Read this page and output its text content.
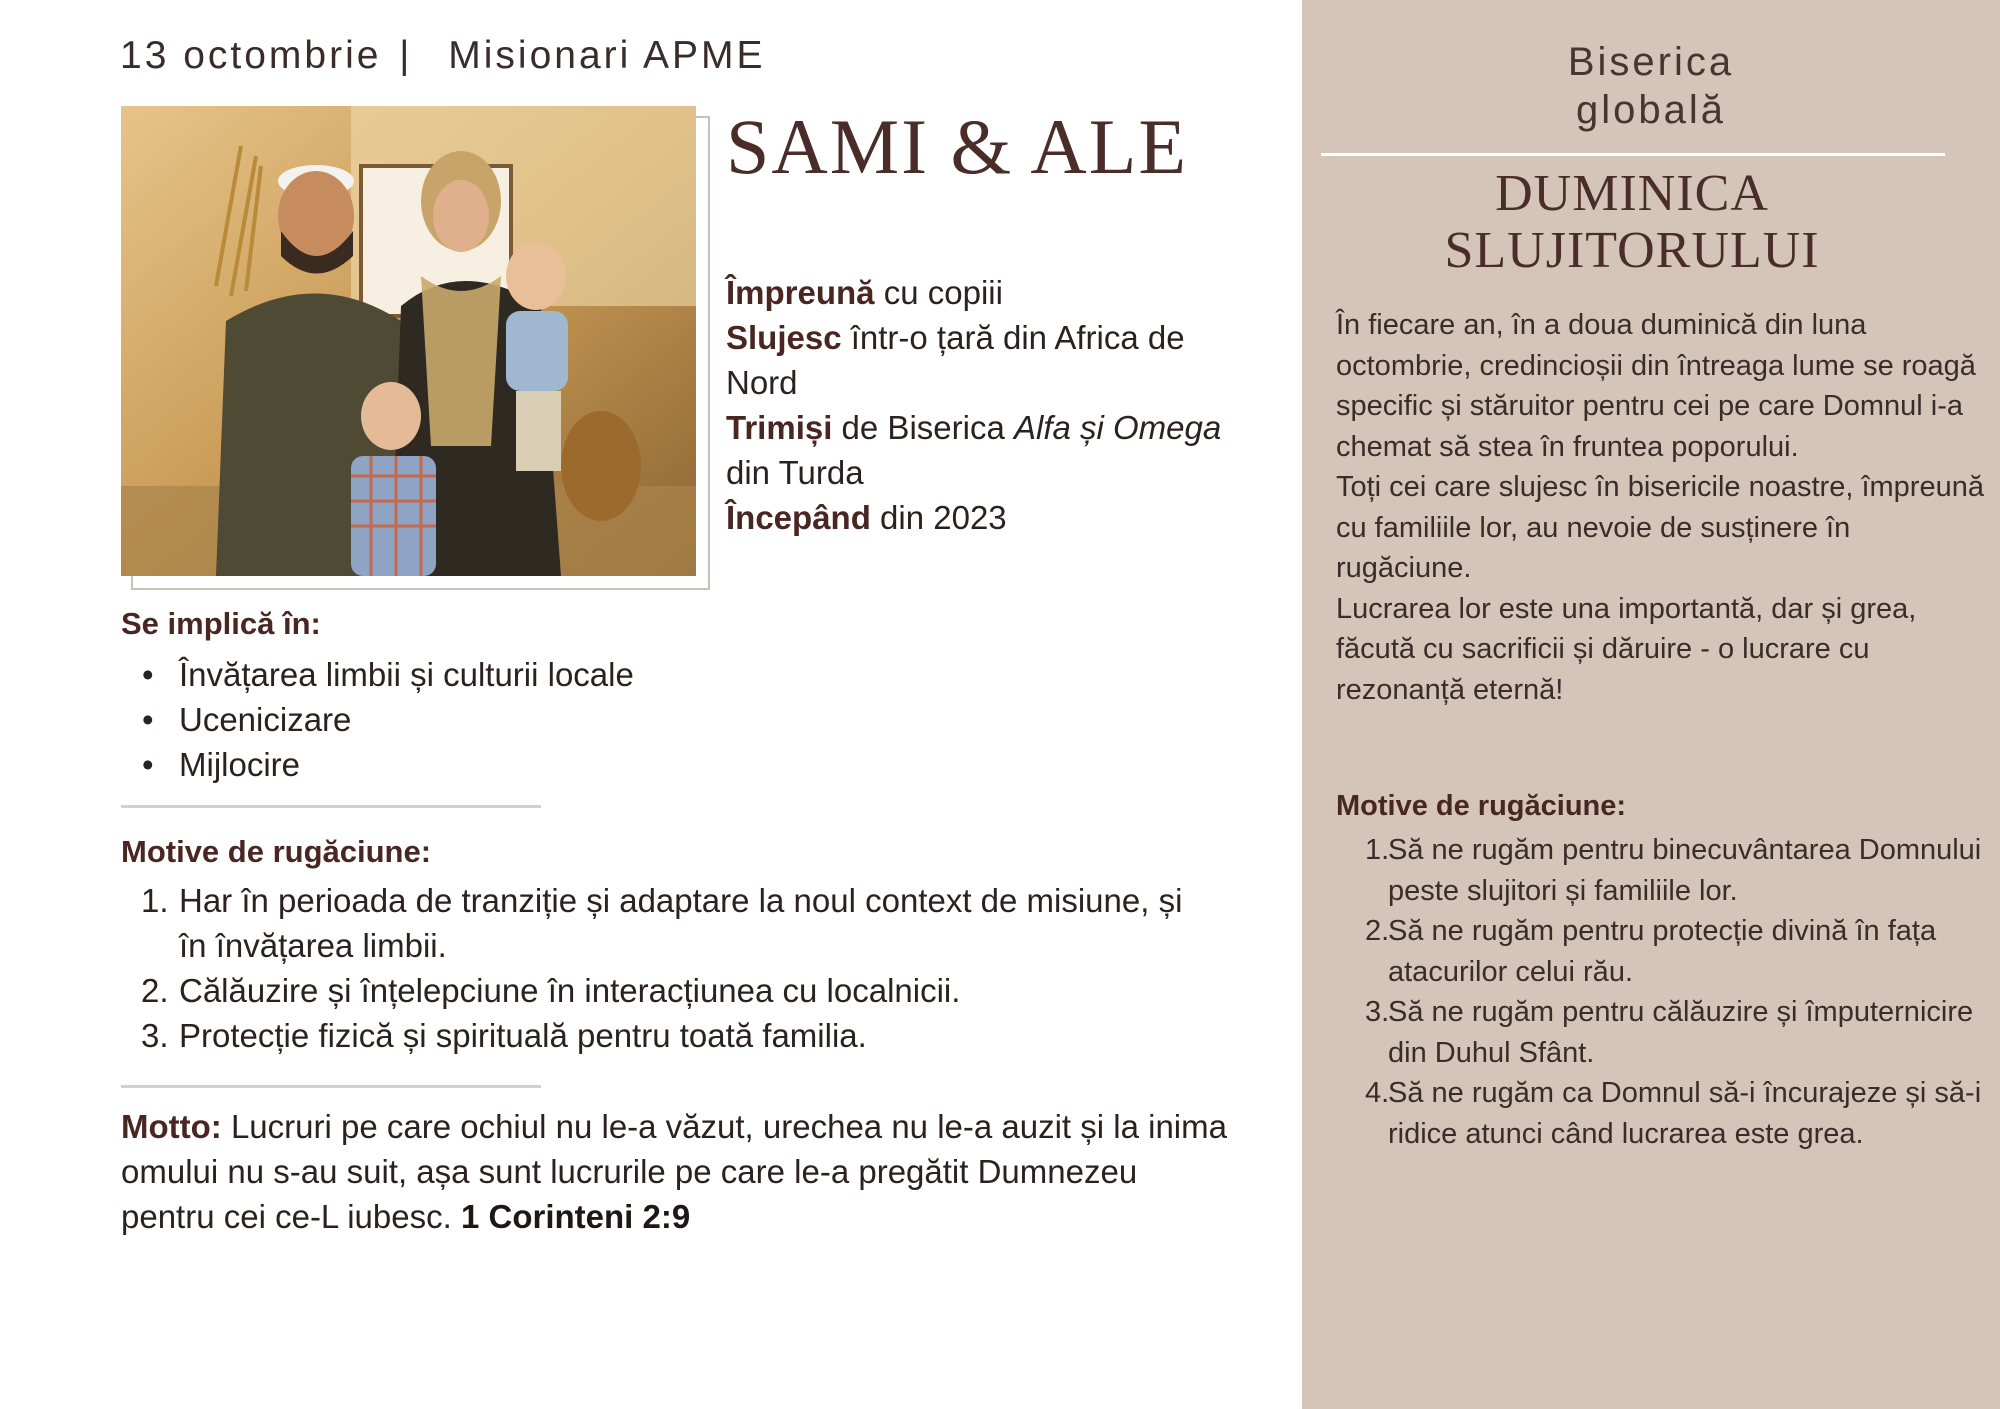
13 octombrie | Misionari APME
SAMI & ALE
Împreună cu copiii
Slujesc într-o țară din Africa de Nord
Trimiși de Biserica Alfa și Omega din Turda
Începând din 2023
Se implică în:
• Învățarea limbii și culturii locale
• Ucenicizare
• Mijlocire
Motive de rugăciune:
1. Har în perioada de tranziție și adaptare la noul context de misiune, și în învățarea limbii.
2. Călăuzire și înțelepciune în interacțiunea cu localnicii.
3. Protecție fizică și spirituală pentru toată familia.
Motto: Lucruri pe care ochiul nu le-a văzut, urechea nu le-a auzit și la inima omului nu s-au suit, așa sunt lucrurile pe care le-a pregătit Dumnezeu pentru cei ce-L iubesc. 1 Corinteni 2:9
Biserica
globală
DUMINICA
SLUJITORULUI
În fiecare an, în a doua duminică din luna octombrie, credincioșii din întreaga lume se roagă specific și stăruitor pentru cei pe care Domnul i-a chemat să stea în fruntea poporului.
Toți cei care slujesc în bisericile noastre, împreună cu familiile lor, au nevoie de susținere în rugăciune.
Lucrarea lor este una importantă, dar și grea, făcută cu sacrificii și dăruire - o lucrare cu rezonanță eternă!
Motive de rugăciune:
1.
Să ne rugăm pentru binecuvântarea Domnului peste slujitori și familiile lor.
2.
Să ne rugăm pentru protecție divină în fața atacurilor celui rău.
3.
Să ne rugăm pentru călăuzire și împuternicire din Duhul Sfânt.
4.
Să ne rugăm ca Domnul să-i încurajeze și să-i ridice atunci când lucrarea este grea.
